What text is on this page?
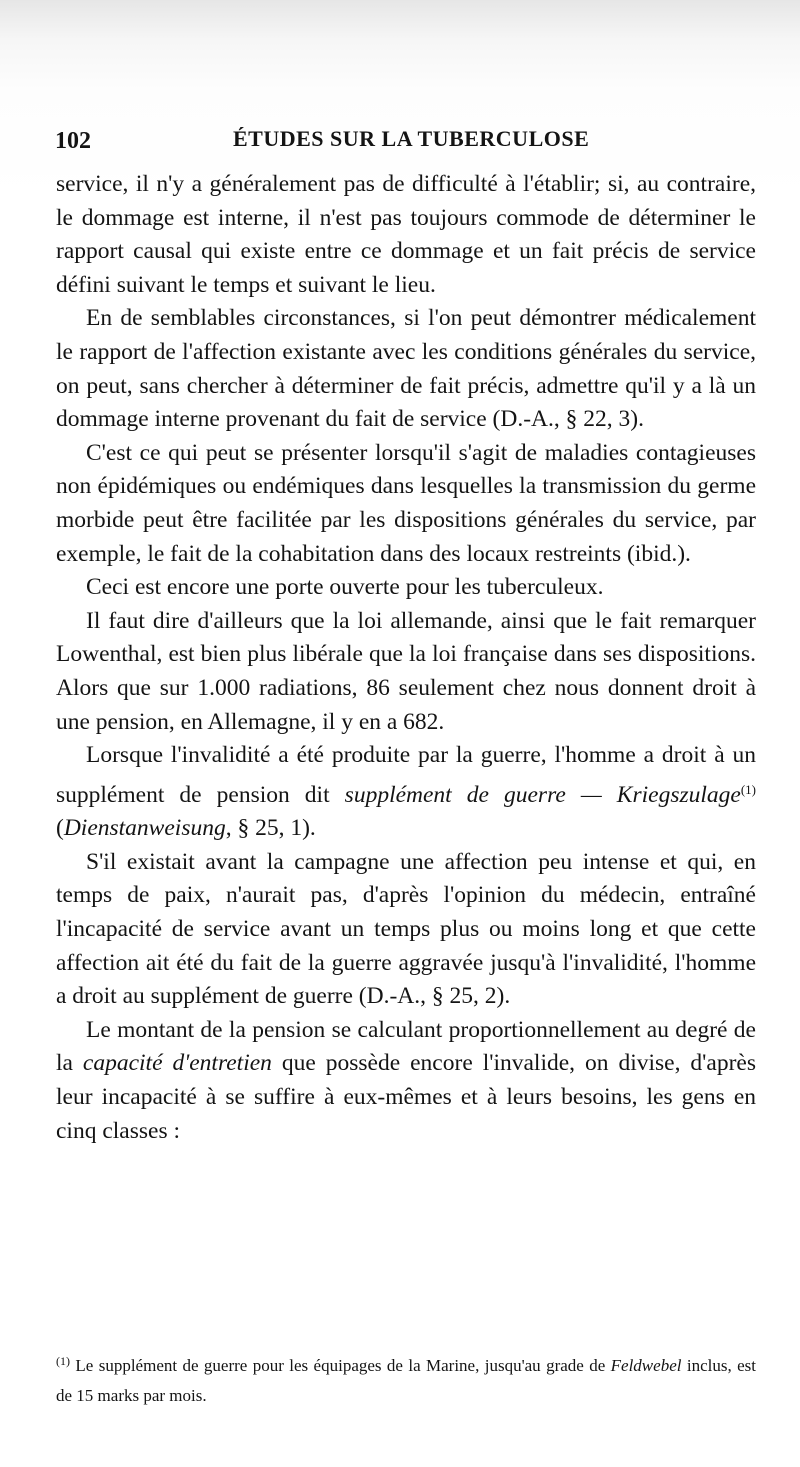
102	ÉTUDES SUR LA TUBERCULOSE

service, il n'y a généralement pas de difficulté à l'établir; si, au contraire, le dommage est interne, il n'est pas toujours commode de déterminer le rapport causal qui existe entre ce dommage et un fait précis de service défini suivant le temps et suivant le lieu.

En de semblables circonstances, si l'on peut démontrer médicalement le rapport de l'affection existante avec les conditions générales du service, on peut, sans chercher à déterminer de fait précis, admettre qu'il y a là un dommage interne provenant du fait de service (D.-A., § 22, 3).

C'est ce qui peut se présenter lorsqu'il s'agit de maladies contagieuses non épidémiques ou endémiques dans lesquelles la transmission du germe morbide peut être facilitée par les dispositions générales du service, par exemple, le fait de la cohabitation dans des locaux restreints (ibid.).

Ceci est encore une porte ouverte pour les tuberculeux.

Il faut dire d'ailleurs que la loi allemande, ainsi que le fait remarquer Lowenthal, est bien plus libérale que la loi française dans ses dispositions. Alors que sur 1.000 radiations, 86 seulement chez nous donnent droit à une pension, en Allemagne, il y en a 682.

Lorsque l'invalidité a été produite par la guerre, l'homme a droit à un supplément de pension dit supplément de guerre — Kriegszulage$^{(1)}$ (Dienstanweisung, § 25, 1).

S'il existait avant la campagne une affection peu intense et qui, en temps de paix, n'aurait pas, d'après l'opinion du médecin, entraîné l'incapacité de service avant un temps plus ou moins long et que cette affection ait été du fait de la guerre aggravée jusqu'à l'invalidité, l'homme a droit au supplément de guerre (D.-A., § 25, 2).

Le montant de la pension se calculant proportionnellement au degré de la capacité d'entretien que possède encore l'invalide, on divise, d'après leur incapacité à se suffire à eux-mêmes et à leurs besoins, les gens en cinq classes :

$^{(1)}$ Le supplément de guerre pour les équipages de la Marine, jusqu'au grade de Feldwebel inclus, est de 15 marks par mois.
